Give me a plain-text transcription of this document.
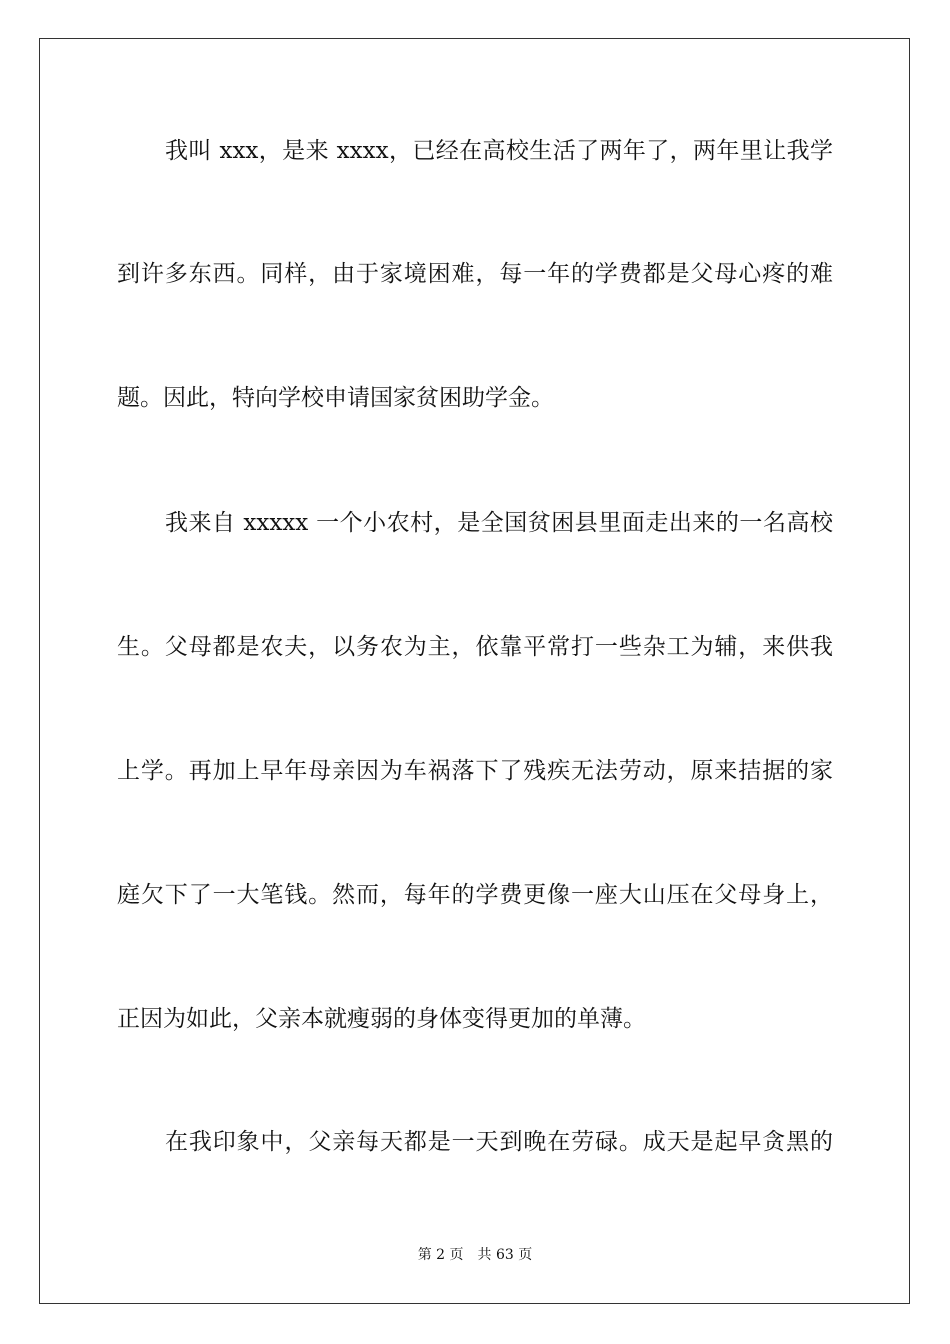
我叫 xxx，是来 xxxx，已经在高校生活了两年了，两年里让我学
到许多东西。同样，由于家境困难，每一年的学费都是父母心疼的难
题。因此，特向学校申请国家贫困助学金。
我来自 xxxxx 一个小农村，是全国贫困县里面走出来的一名高校
生。父母都是农夫，以务农为主，依靠平常打一些杂工为辅，来供我
上学。再加上早年母亲因为车祸落下了残疾无法劳动，原来拮据的家
庭欠下了一大笔钱。然而，每年的学费更像一座大山压在父母身上，
正因为如此，父亲本就瘦弱的身体变得更加的单薄。
在我印象中，父亲每天都是一天到晚在劳碌。成天是起早贪黑的
第 2 页 共 63 页
